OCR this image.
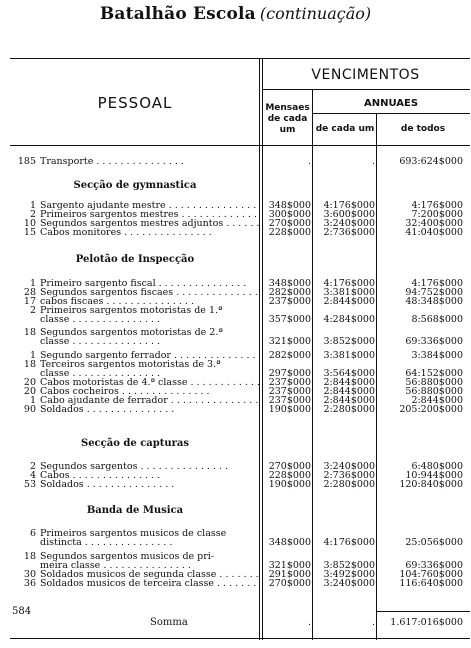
Batalhão Escola (continuação)
PESSOAL
VENCIMENTOS
Mensaes de cada um
ANNUAES
de cada um	de todos
185 Transporte . .	.	.	693:624$000
Secção de gymnastica
1 Sargento ajudante mestre . .	348$000	4:176$000	4:176$000
2 Primeiros sargentos mestres . .	300$000	3:600$000	7:200$000
10 Segundos sargentos mestres adjuntos . .	270$000	3:240$000	32:400$000
15 Cabos monitores . .	228$000	2:736$000	41:040$000
Pelotão de Inspecção
1 Primeiro sargento fiscal . .	348$000	4:176$000	4:176$000
28 Segundos sargentos fiscaes . .	282$000	3:381$000	94:752$000
17 cabos fiscaes . .	237$000	2:844$000	48:348$000
2 Primeiros sargentos motoristas de 1.ª
classe . .	357$000	4:284$000	8:568$000
18 Segundos sargentos motoristas de 2.ª
classe . .	321$000	3:852$000	69:336$000
1 Segundo sargento ferrador . .	282$000	3:381$000	3:384$000
18 Terceiros sargentos motoristas de 3.ª
classe . .	297$000	3:564$000	64:152$000
20 Cabos motoristas de 4.ª classe . .	237$000	2:844$000	56:880$000
20 Cabos cocheiros . .	237$000	2:844$000	56:880$000
1 Cabo ajudante de ferrador . .	237$000	2:844$000	2:844$000
90 Soldados . .	190$000	2:280$000	205:200$000
Secção de capturas
2 Segundos sargentos . .	270$000	3:240$000	6:480$000
4 Cabos . .	228$000	2:736$000	10:944$000
53 Soldados . .	190$000	2:280$000	120:840$000
Banda de Musica
6 Primeiros sargentos musicos de classe
distincta . .	348$000	4:176$000	25:056$000
18 Segundos sargentos musicos de pri-
meira classe . .	321$000	3:852$000	69:336$000
30 Soldados musicos de segunda classe . .	291$000	3:492$000	104:760$000
36 Soldados musicos de terceira classe . .	270$000	3:240$000	116:640$000
584
Somma	.	.	1.617:016$000
